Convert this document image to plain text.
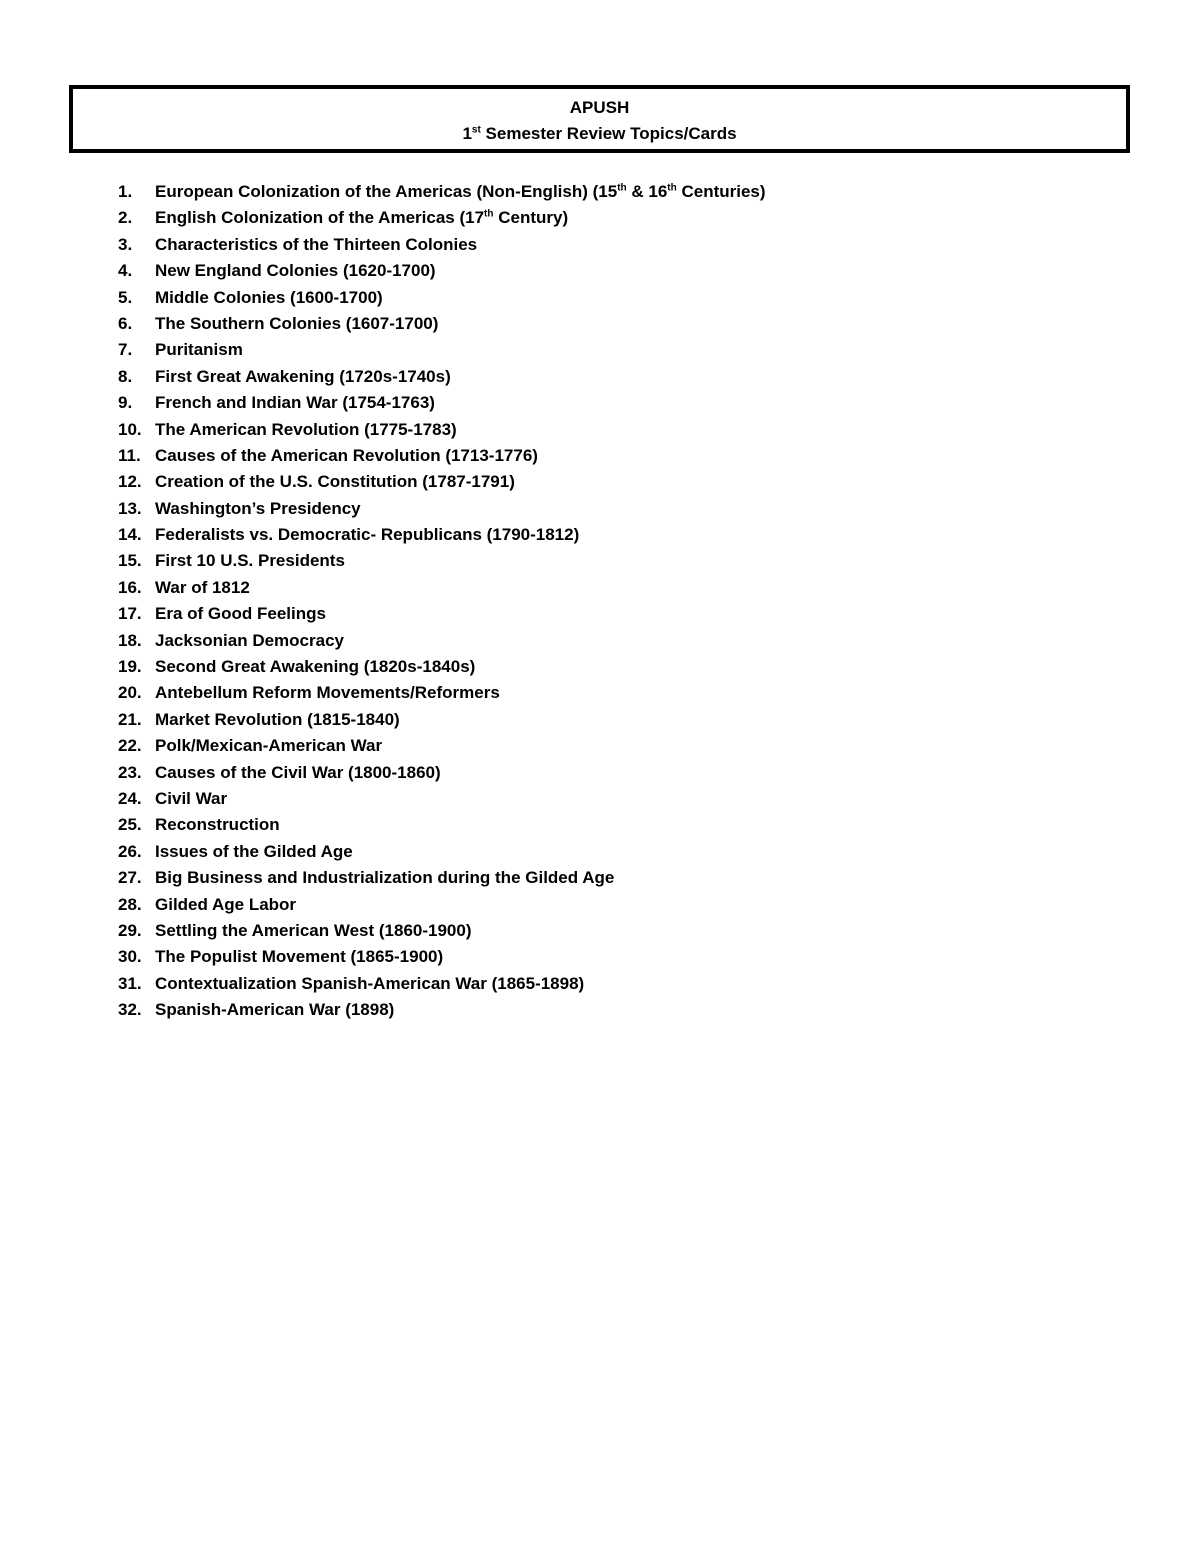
APUSH
1st Semester Review Topics/Cards
1. European Colonization of the Americas (Non-English) (15th & 16th Centuries)
2. English Colonization of the Americas (17th Century)
3. Characteristics of the Thirteen Colonies
4. New England Colonies (1620-1700)
5. Middle Colonies (1600-1700)
6. The Southern Colonies (1607-1700)
7. Puritanism
8. First Great Awakening (1720s-1740s)
9. French and Indian War (1754-1763)
10. The American Revolution (1775-1783)
11. Causes of the American Revolution (1713-1776)
12. Creation of the U.S. Constitution (1787-1791)
13. Washington’s Presidency
14. Federalists vs. Democratic- Republicans (1790-1812)
15. First 10 U.S. Presidents
16. War of 1812
17. Era of Good Feelings
18. Jacksonian Democracy
19. Second Great Awakening (1820s-1840s)
20. Antebellum Reform Movements/Reformers
21. Market Revolution (1815-1840)
22. Polk/Mexican-American War
23. Causes of the Civil War (1800-1860)
24. Civil War
25. Reconstruction
26. Issues of the Gilded Age
27. Big Business and Industrialization during the Gilded Age
28. Gilded Age Labor
29. Settling the American West (1860-1900)
30. The Populist Movement (1865-1900)
31. Contextualization Spanish-American War (1865-1898)
32. Spanish-American War (1898)
